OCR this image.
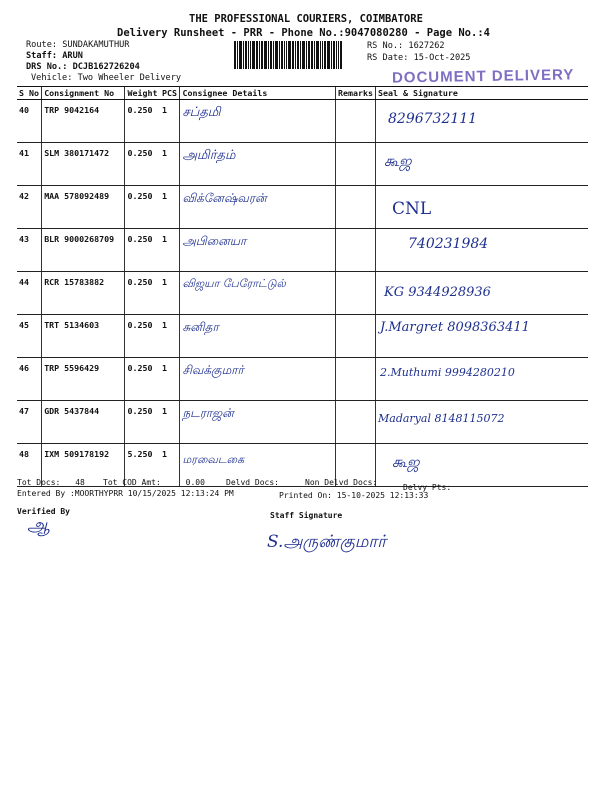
THE PROFESSIONAL COURIERS, COIMBATORE
Delivery Runsheet - PRR - Phone No.:9047080280 - Page No.:4
Route: SUNDAKAMUTHUR
Staff: ARUN
DRS No.: DCJB162726204
Vehicle: Two Wheeler Delivery
RS No.: 1627262
RS Date: 15-Oct-2025
DOCUMENT DELIVERY
S No	Consignment No	Weight	PCS	Consignee Details	Remarks	Seal & Signature
40	TRP 9042164	0.250	1	சப்தமி		8296732111
41	SLM 380171472	0.250	1	அமிர்தம்		கூஜ
42	MAA 578092489	0.250	1	விக்னேஷ்வரன்		CNL
43	BLR 9000268709	0.250	1	அபினையா		740231984
44	RCR 15783882	0.250	1	விஜயா பேரோட்டுல்		KG 9344928936
45	TRT 5134603	0.250	1	சுனிதா		J.Margret 8098363411

46	TRP 5596429	0.250	1	சிவக்குமார்		2.Muthumi 9994280210

47	GDR 5437844	0.250	1	நடராஜன்		Madaryal 8148115072
48	IXM 509178192	5.250	1	மரவைடகை		கூஜ
Tot Docs: 48 Tot COD Amt:	0.00	Delvd Docs:	Non Delvd Docs:
Delvy Pts:
Entered By :MOORTHYPRR 10/15/2025 12:13:24 PM	Printed On: 15-10-2025 12:13:33
Verified By
ஆ	Staff Signature
S.அருண்குமார்
